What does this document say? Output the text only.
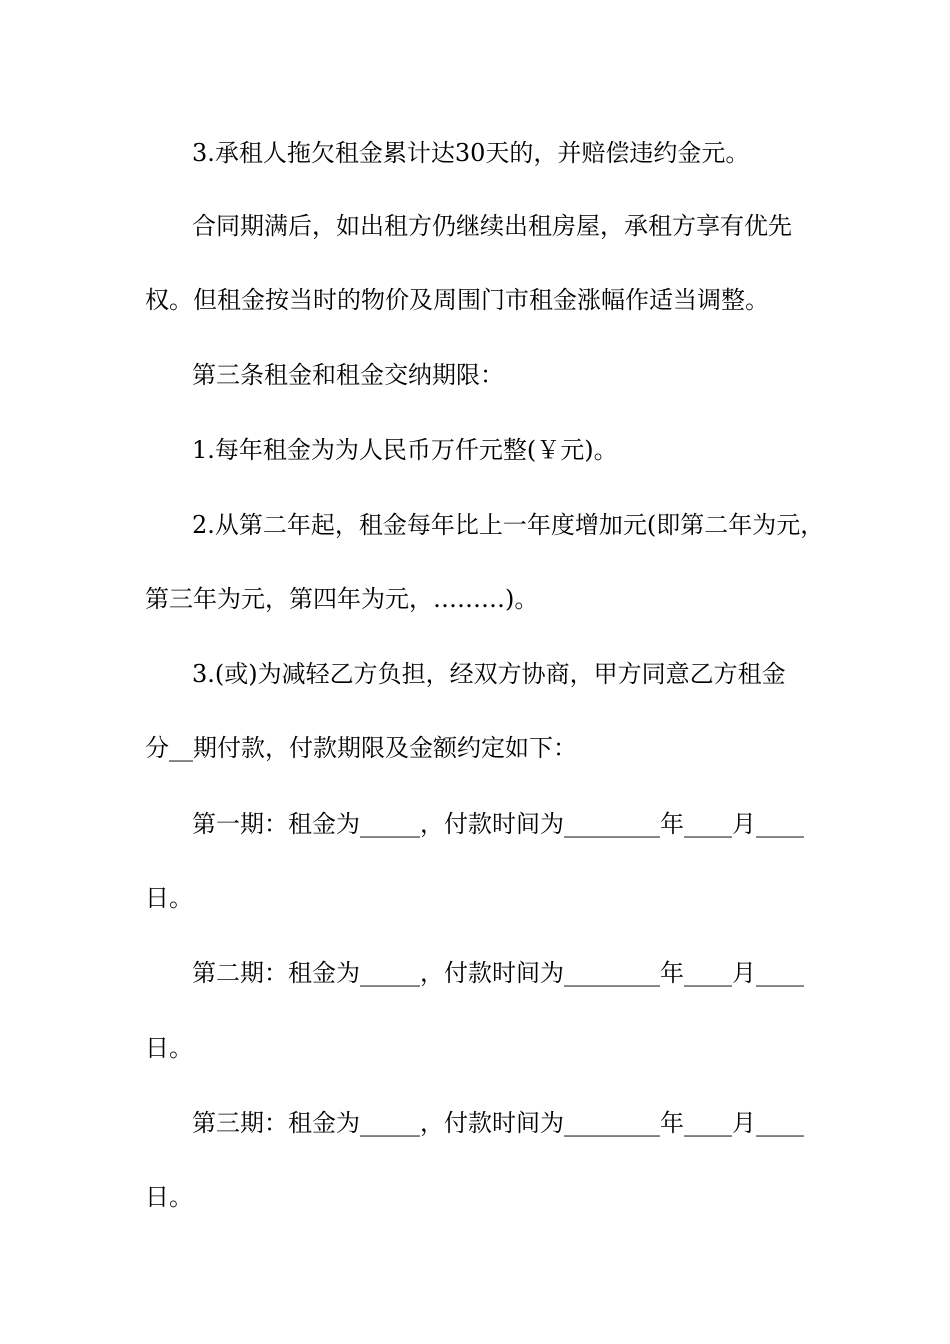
3.承租人拖欠租金累计达30天的，并赔偿违约金元。
合同期满后，如出租方仍继续出租房屋，承租方享有优先
权。但租金按当时的物价及周围门市租金涨幅作适当调整。
第三条租金和租金交纳期限：
1.每年租金为为人民币万仟元整(￥元)。
2.从第二年起，租金每年比上一年度增加元(即第二年为元，
第三年为元，第四年为元，………)。
3.(或)为减轻乙方负担，经双方协商，甲方同意乙方租金
分__期付款，付款期限及金额约定如下：
第一期：租金为_____，付款时间为________年____月____
日。
第二期：租金为_____，付款时间为________年____月____
日。
第三期：租金为_____，付款时间为________年____月____
日。
